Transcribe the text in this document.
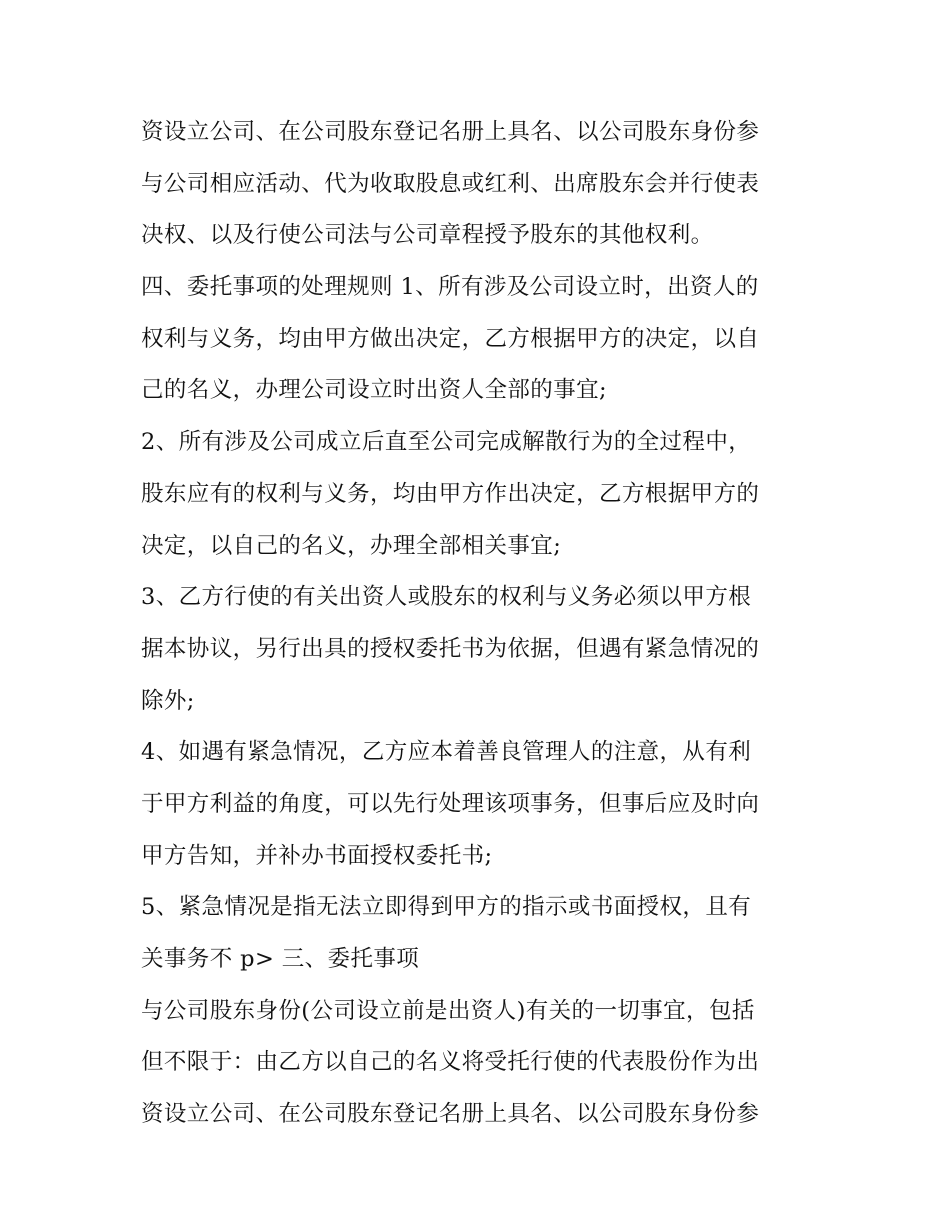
资设立公司、在公司股东登记名册上具名、以公司股东身份参
与公司相应活动、代为收取股息或红利、出席股东会并行使表
决权、以及行使公司法与公司章程授予股东的其他权利。
四、委托事项的处理规则 1、所有涉及公司设立时，出资人的
权利与义务，均由甲方做出决定，乙方根据甲方的决定，以自
己的名义，办理公司设立时出资人全部的事宜;
2、所有涉及公司成立后直至公司完成解散行为的全过程中，
股东应有的权利与义务，均由甲方作出决定，乙方根据甲方的
决定，以自己的名义，办理全部相关事宜;
3、乙方行使的有关出资人或股东的权利与义务必须以甲方根
据本协议，另行出具的授权委托书为依据，但遇有紧急情况的
除外;
4、如遇有紧急情况，乙方应本着善良管理人的注意，从有利
于甲方利益的角度，可以先行处理该项事务，但事后应及时向
甲方告知，并补办书面授权委托书;
5、紧急情况是指无法立即得到甲方的指示或书面授权，且有
关事务不 p> 三、委托事项
与公司股东身份(公司设立前是出资人)有关的一切事宜，包括
但不限于：由乙方以自己的名义将受托行使的代表股份作为出
资设立公司、在公司股东登记名册上具名、以公司股东身份参
